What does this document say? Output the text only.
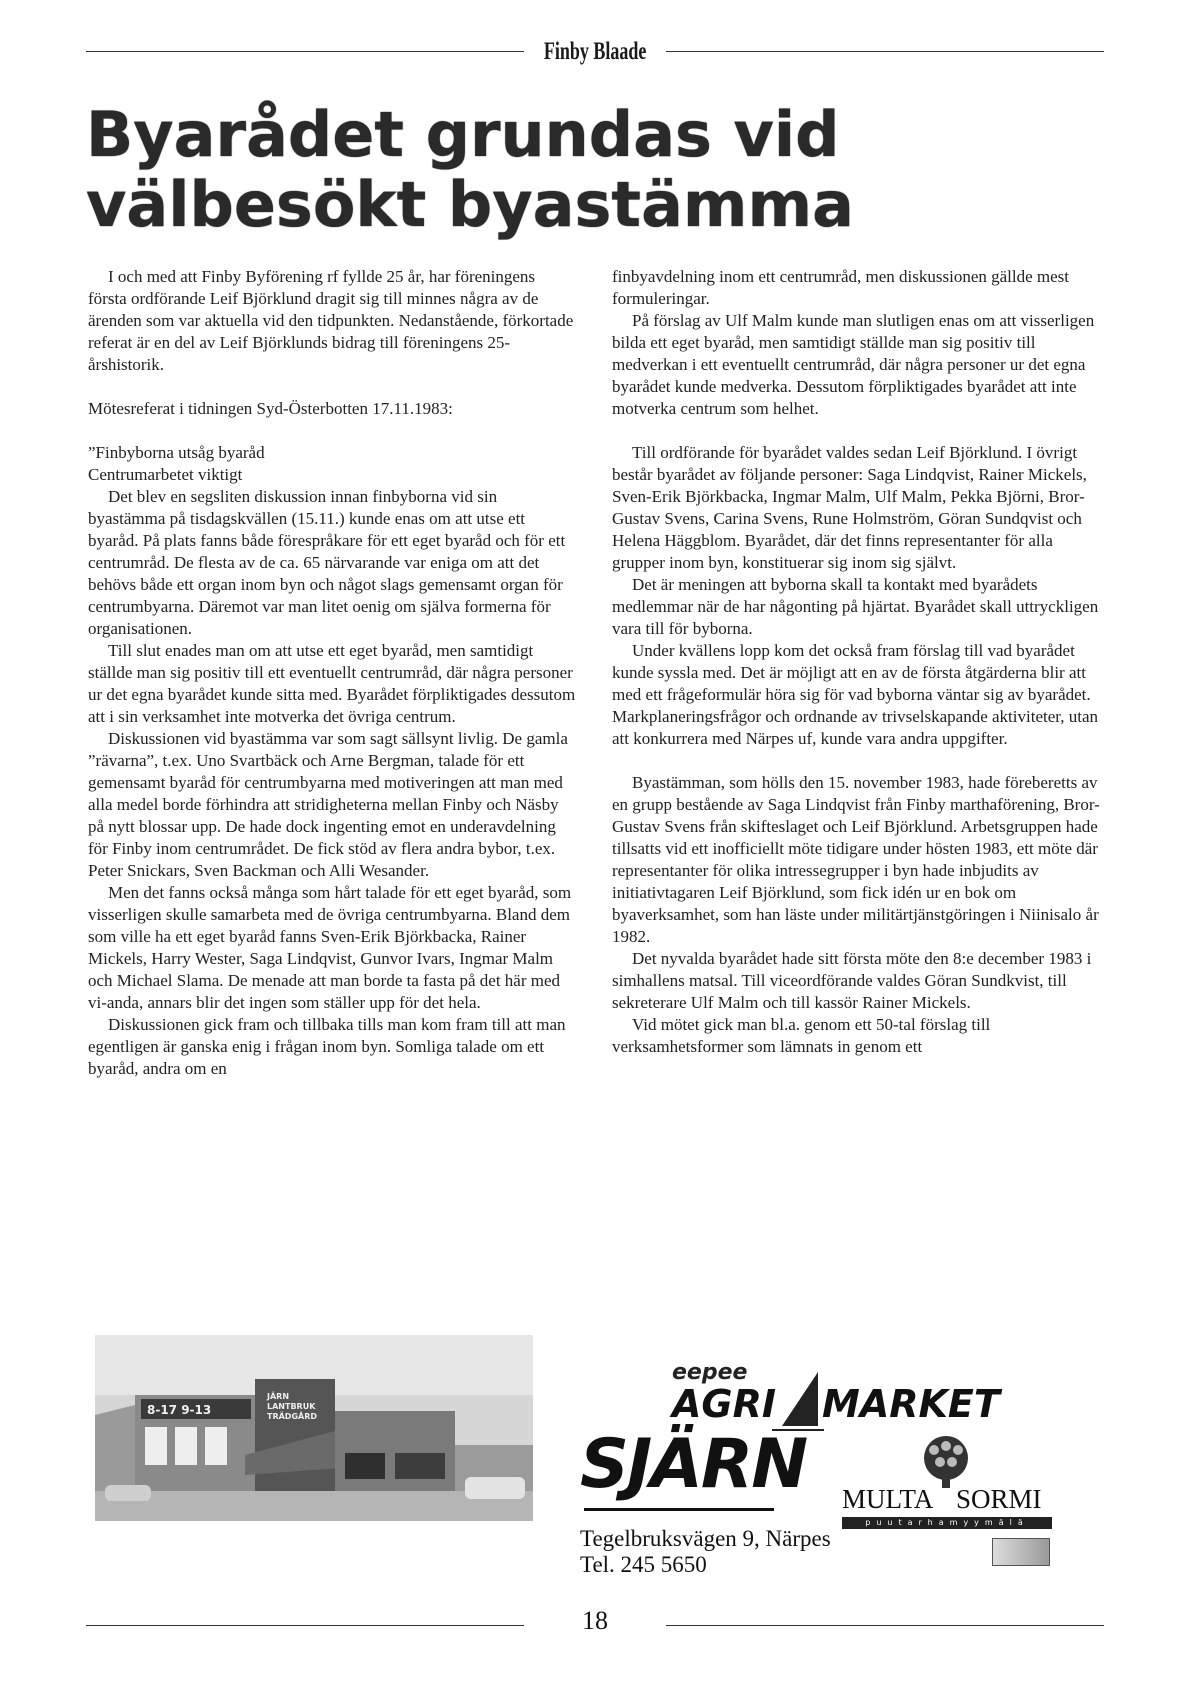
Finby Blaade
Byarådet grundas vid
välbesökt byastämma

I och med att Finby Byförening rf fyllde 25 år, har föreningens första ordförande Leif Björklund dragit sig till minnes några av de ärenden som var aktuella vid den tidpunkten. Nedanstående, förkortade referat är en del av Leif Björklunds bidrag till föreningens 25-årshistorik.

Mötesreferat i tidningen Syd-Österbotten 17.11.1983:

”Finbyborna utsåg byaråd

Centrumarbetet viktigt

Det blev en segsliten diskussion innan finbyborna vid sin byastämma på tisdagskvällen (15.11.) kunde enas om att utse ett byaråd. På plats fanns både förespråkare för ett eget byaråd och för ett centrumråd. De flesta av de ca. 65 närvarande var eniga om att det behövs både ett organ inom byn och något slags gemensamt organ för centrumbyarna. Däremot var man litet oenig om själva formerna för organisationen.

Till slut enades man om att utse ett eget byaråd, men samtidigt ställde man sig positiv till ett eventuellt centrumråd, där några personer ur det egna byarådet kunde sitta med. Byarådet förpliktigades dessutom att i sin verksamhet inte motverka det övriga centrum.

Diskussionen vid byastämma var som sagt sällsynt livlig. De gamla ”rävarna”, t.ex. Uno Svartbäck och Arne Bergman, talade för ett gemensamt byaråd för centrumbyarna med motiveringen att man med alla medel borde förhindra att stridigheterna mellan Finby och Näsby på nytt blossar upp. De hade dock ingenting emot en underavdelning för Finby inom centrumrådet. De fick stöd av flera andra bybor, t.ex. Peter Snickars, Sven Backman och Alli Wesander.

Men det fanns också många som hårt talade för ett eget byaråd, som visserligen skulle samarbeta med de övriga centrumbyarna. Bland dem som ville ha ett eget byaråd fanns Sven-Erik Björkbacka, Rainer Mickels, Harry Wester, Saga Lindqvist, Gunvor Ivars, Ingmar Malm och Michael Slama. De menade att man borde ta fasta på det här med vi-anda, annars blir det ingen som ställer upp för det hela.

Diskussionen gick fram och tillbaka tills man kom fram till att man egentligen är ganska enig i frågan inom byn. Somliga talade om ett byaråd, andra om en

finbyavdelning inom ett centrumråd, men diskussionen gällde mest formuleringar.

På förslag av Ulf Malm kunde man slutligen enas om att visserligen bilda ett eget byaråd, men samtidigt ställde man sig positiv till medverkan i ett eventuellt centrumråd, där några personer ur det egna byarådet kunde medverka. Dessutom förpliktigades byarådet att inte motverka centrum som helhet.

Till ordförande för byarådet valdes sedan Leif Björklund. I övrigt består byarådet av följande personer: Saga Lindqvist, Rainer Mickels, Sven-Erik Björkbacka, Ingmar Malm, Ulf Malm, Pekka Björni, Bror-Gustav Svens, Carina Svens, Rune Holmström, Göran Sundqvist och Helena Häggblom. Byarådet, där det finns representanter för alla grupper inom byn, konstituerar sig inom sig självt.

Det är meningen att byborna skall ta kontakt med byarådets medlemmar när de har någonting på hjärtat. Byarådet skall uttryckligen vara till för byborna.

Under kvällens lopp kom det också fram förslag till vad byarådet kunde syssla med. Det är möjligt att en av de första åtgärderna blir att med ett frågeformulär höra sig för vad byborna väntar sig av byarådet. Markplaneringsfrågor och ordnande av trivselskapande aktiviteter, utan att konkurrera med Närpes uf, kunde vara andra uppgifter.

Byastämman, som hölls den 15. november 1983, hade föreberetts av en grupp bestående av Saga Lindqvist från Finby marthaförening, Bror-Gustav Svens från skifteslaget och Leif Björklund. Arbetsgruppen hade tillsatts vid ett inofficiellt möte tidigare under hösten 1983, ett möte där representanter för olika intressegrupper i byn hade inbjudits av initiativtagaren Leif Björklund, som fick idén ur en bok om byaverksamhet, som han läste under militärtjänstgöringen i Niinisalo år 1982.

Det nyvalda byarådet hade sitt första möte den 8:e december 1983 i simhallens matsal. Till viceordförande valdes Göran Sundkvist, till sekreterare Ulf Malm och till kassör Rainer Mickels.

Vid mötet gick man bl.a. genom ett 50-tal förslag till verksamhetsformer som lämnats in genom ett

8-17 9-13
JÄRN
LANTBRUK
TRÄDGÅRD
eepee
AGRI MARKET
SJÄRN
Tegelbruksvägen 9, Närpes
Tel. 245 5650
MULTA SORMI
puutarhamyymälä
18
